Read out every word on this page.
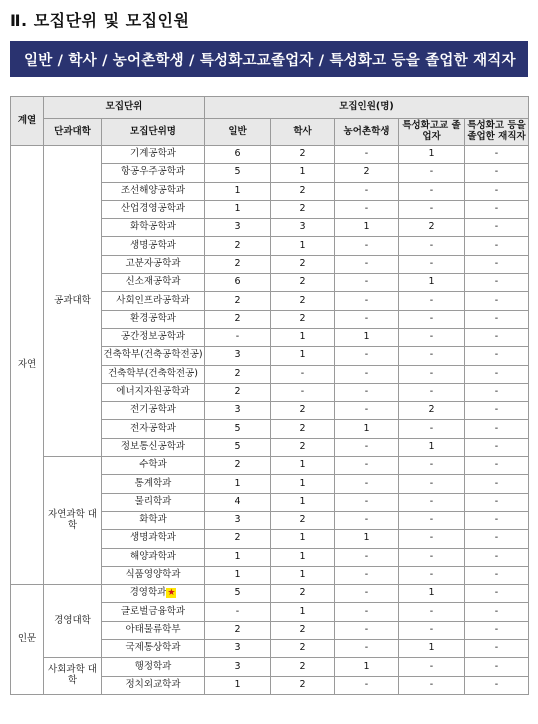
Ⅱ. 모집단위 및 모집인원
일반 / 학사 / 농어촌학생 / 특성화고교졸업자 / 특성화고 등을 졸업한 재직자
계열	모집단위		모집인원(명)				
	단과대학	모집단위명	일반	학사	농어촌학생	특성화고교 졸업자	특성화고 등을 졸업한 재직자
자연	공과대학	기계공학과	6	2	-	1	-
		항공우주공학과	5	1	2	-	-
		조선해양공학과	1	2	-	-	-
		산업경영공학과	1	2	-	-	-
		화학공학과	3	3	1	2	-
		생명공학과	2	1	-	-	-
		고분자공학과	2	2	-	-	-
		신소재공학과	6	2	-	1	-
		사회인프라공학과	2	2	-	-	-
		환경공학과	2	2	-	-	-
		공간정보공학과	-	1	1	-	-
		건축학부(건축공학전공)	3	1	-	-	-
		건축학부(건축학전공)	2	-	-	-	-
		에너지자원공학과	2	-	-	-	-
		전기공학과	3	2	-	2	-
		전자공학과	5	2	1	-	-
		정보통신공학과	5	2	-	1	-
	자연과학 대학	수학과	2	1	-	-	-
		통계학과	1	1	-	-	-
		물리학과	4	1	-	-	-
		화학과	3	2	-	-	-
		생명과학과	2	1	1	-	-
		해양과학과	1	1	-	-	-
		식품영양학과	1	1	-	-	-
인문	경영대학	경영학과★	5	2	-	1	-
		글로벌금융학과	-	1	-	-	-
		아태물류학부	2	2	-	-	-
		국제통상학과	3	2	-	1	-
	사회과학 대학	행정학과	3	2	1	-	-
		정치외교학과	1	2	-	-	-
